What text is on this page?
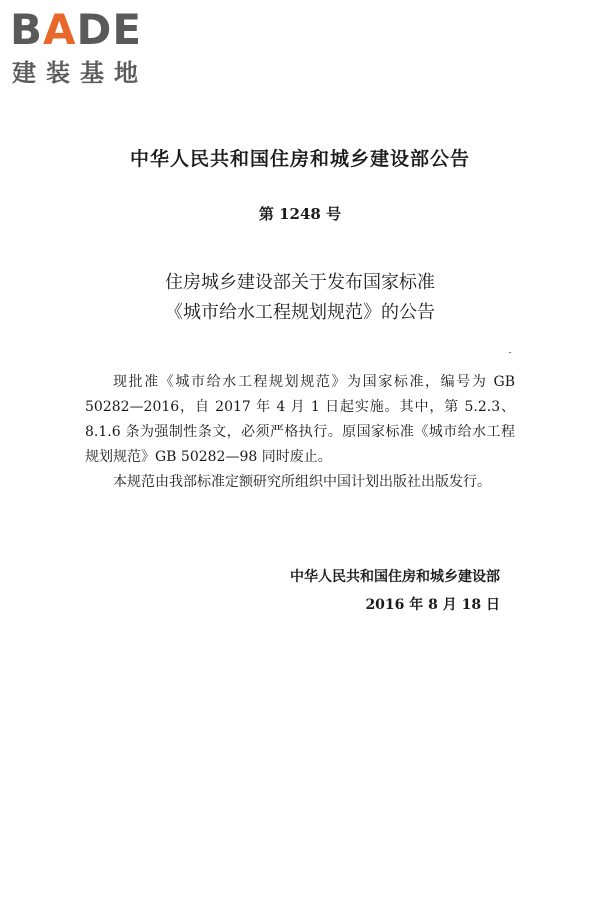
BADE
建装基地
中华人民共和国住房和城乡建设部公告
第 1248 号
住房城乡建设部关于发布国家标准
《城市给水工程规划规范》的公告

现批准《城市给水工程规划规范》为国家标准，编号为 GB 50282—2016，自 2017 年 4 月 1 日起实施。其中，第 5.2.3、8.1.6 条为强制性条文，必须严格执行。原国家标准《城市给水工程规划规范》GB 50282—98 同时废止。

本规范由我部标准定额研究所组织中国计划出版社出版发行。

中华人民共和国住房和城乡建设部
2016 年 8 月 18 日
